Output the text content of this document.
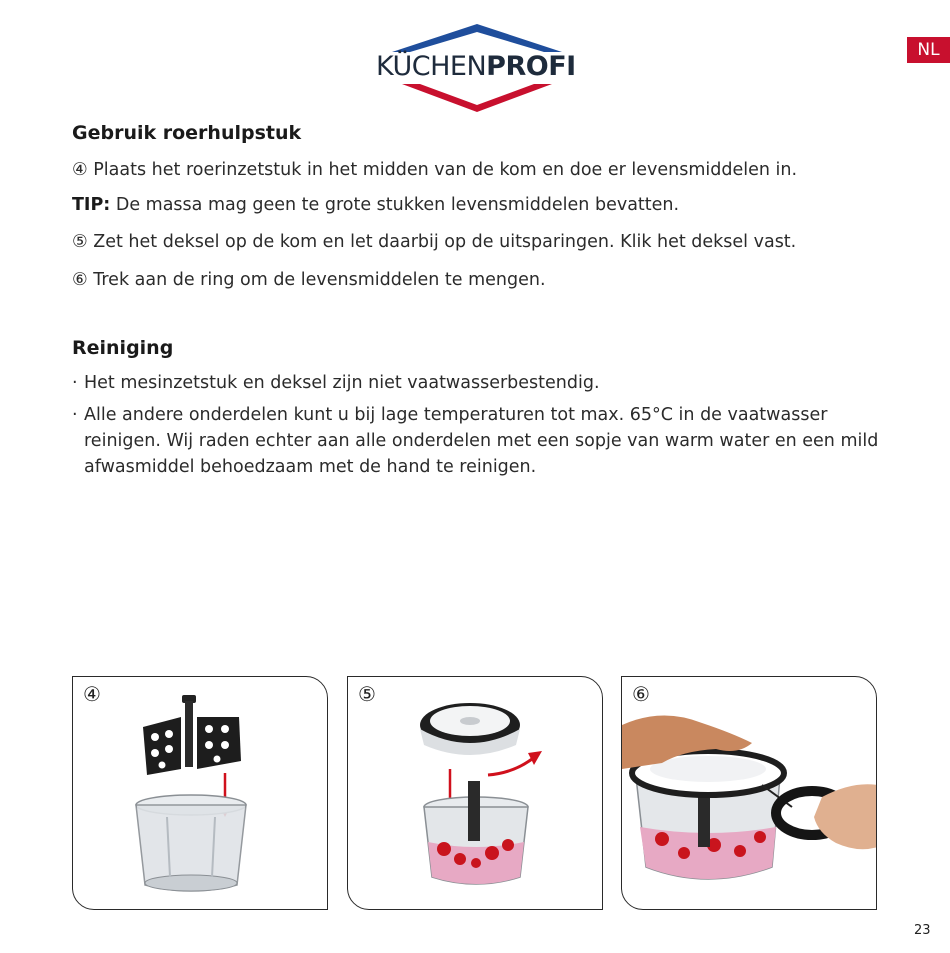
KÜCHENPROFI
NL
Gebruik roerhulpstuk

④ Plaats het roerinzetstuk in het midden van de kom en doe er levensmiddelen in.

TIP: De massa mag geen te grote stukken levensmiddelen bevatten.

⑤ Zet het deksel op de kom en let daarbij op de uitsparingen. Klik het deksel vast.

⑥ Trek aan de ring om de levensmiddelen te mengen.

Reiniging
· Het mesinzetstuk en deksel zijn niet vaatwasserbestendig.
· Alle andere onderdelen kunt u bij lage temperaturen tot max. 65°C in de vaatwasser reinigen. Wij raden echter aan alle onderdelen met een sopje van warm water en een mild afwasmiddel behoedzaam met de hand te reinigen.
④	⑤	⑥
23
